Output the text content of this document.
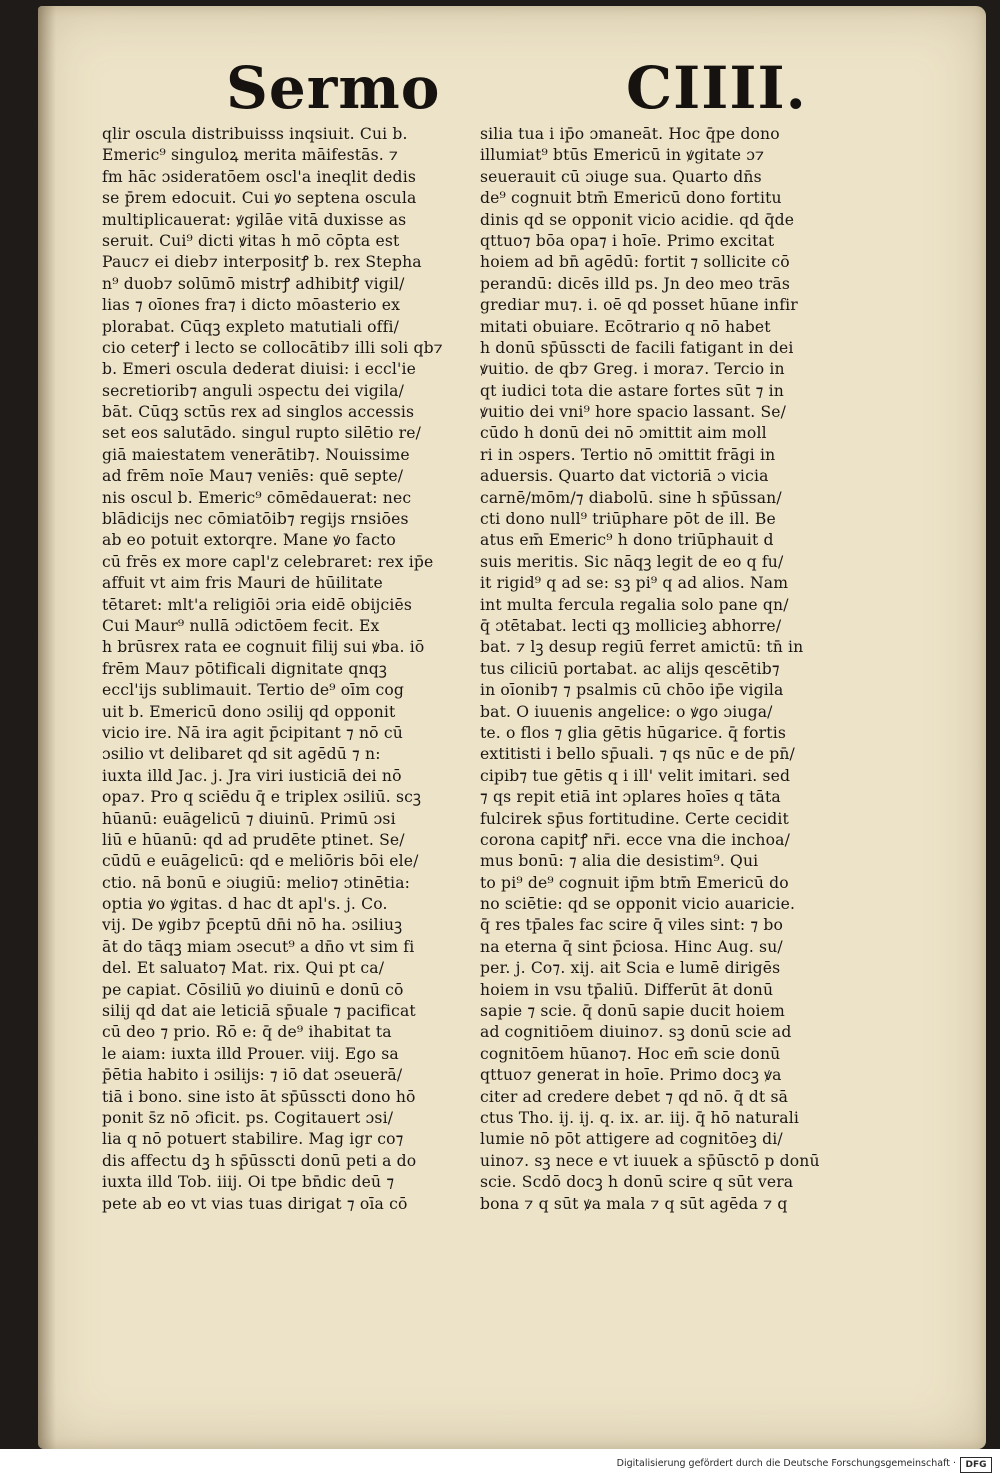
Sermo	CIIII.
qlir oscula distribuisss inqsiuit. Cui b.
Emeric⁹ singuloꝝ merita māifestās. ⁊
fm hāc ɔsideratōem oscl'a ineqlit dedis
se p̄rem edocuit. Cui ꝟo septena oscula
multiplicauerat: ꝟgilāe vitā duxisse as
seruit. Cui⁹ dicti ꝟitas h mō cōpta est
Pauc⁊ ei dieb⁊ interpositꝭ b. rex Stepha
n⁹ duob⁊ solūmō mistrꝭ adhibitꝭ vigil/
lias ⁊ oīones fra⁊ i dicto mōasterio ex
plorabat. Cūqꝫ expleto matutiali offi/
cio ceterꝭ i lecto se collocātib⁊ illi soli qb⁊
b. Emeri oscula dederat diuisi: i eccl'ie
secretiorib⁊ anguli ɔspectu dei vigila/
bāt. Cūqꝫ sctūs rex ad singlos accessis
set eos salutādo. singul rupto silētio re/
giā maiestatem venerātib⁊. Nouissime
ad frēm noīe Mau⁊ veniēs: quē septe/
nis oscul b. Emeric⁹ cōmēdauerat: nec
blādicijs nec cōmiatōib⁊ regijs rnsiōes
ab eo potuit extorqre. Mane ꝟo facto
cū frēs ex more capl'z celebraret: rex ip̄e
affuit vt aim fris Mauri de hūilitate
tētaret: mlt'a religiōi ɔria eidē obijciēs
Cui Maur⁹ nullā ɔdictōem fecit. Ex
h brūsrex rata ee cognuit filij sui ꝟba. iō
frēm Mau⁊ pōtificali dignitate qnqꝫ
eccl'ijs sublimauit. Tertio de⁹ oīm cog
uit b. Emericū dono ɔsilij qd opponit
vicio ire. Nā ira agit p̄cipitant ⁊ nō cū
ɔsilio vt delibaret qd sit agēdū ⁊ n:
iuxta illd Jac. j. Jra viri iusticiā dei nō
opa⁊. Pro q sciēdu q̄ e triplex ɔsiliū. scꝫ
hūanū: euāgelicū ⁊ diuinū. Primū ɔsi
liū e hūanū: qd ad prudēte ptinet. Se/
cūdū e euāgelicū: qd e meliōris bōi ele/
ctio. nā bonū e ɔiugiū: melio⁊ ɔtinētia:
optia ꝟo ꝟgitas. d hac dt apl's. j. Co.
vij. De ꝟgib⁊ p̄ceptū dn̄i nō ha. ɔsiliuꝫ
āt do tāqꝫ miam ɔsecut⁹ a dn̄o vt sim fi
del. Et saluato⁊ Mat. rix. Qui pt ca/
pe capiat. Cōsiliū ꝟo diuinū e donū cō
silij qd dat aie leticiā sp̄uale ⁊ pacificat
cū deo ⁊ prio. Rō e: q̄ de⁹ ihabitat ta
le aiam: iuxta illd Prouer. viij. Ego sa
p̄ētia habito i ɔsilijs: ⁊ iō dat ɔseuerā/
tiā i bono. sine isto āt sp̄ūsscti dono hō
ponit s̄z nō ɔficit. ps. Cogitauert ɔsi/
lia q nō potuert stabilire. Mag igr co⁊
dis affectu dꝫ h sp̄ūsscti donū peti a do
iuxta illd Tob. iiij. Oi tpe bn̄dic deū ⁊
pete ab eo vt vias tuas dirigat ⁊ oīa cō
silia tua i ip̄o ɔmaneāt. Hoc q̄pe dono
illumiat⁹ btūs Emericū in ꝟgitate ɔ⁊
seuerauit cū ɔiuge sua. Quarto dn̄s
de⁹ cognuit btm̄ Emericū dono fortitu
dinis qd se opponit vicio acidie. qd q̄de
qttuo⁊ bōa opa⁊ i hoīe. Primo excitat
hoiem ad bn̄ agēdū: fortit ⁊ sollicite cō
perandū: dicēs illd ps. Jn deo meo trās
grediar mu⁊. i. oē qd posset hūane infir
mitati obuiare. Ecōtrario q nō habet
h donū sp̄ūsscti de facili fatigant in dei
ꝟuitio. de qb⁊ Greg. i mora⁊. Tercio in
qt iudici tota die astare fortes sūt ⁊ in
ꝟuitio dei vni⁹ hore spacio lassant. Se/
cūdo h donū dei nō ɔmittit aim moll
ri in ɔspers. Tertio nō ɔmittit frāgi in
aduersis. Quarto dat victoriā ɔ vicia
carnē/mōm/⁊ diabolū. sine h sp̄ūssan/
cti dono null⁹ triūphare pōt de ill. Be
atus em̄ Emeric⁹ h dono triūphauit d
suis meritis. Sic nāqꝫ legit de eo q fu/
it rigid⁹ q ad se: sꝫ pi⁹ q ad alios. Nam
int multa fercula regalia solo pane qn/
q̄ ɔtētabat. lecti qꝫ mollicieꝫ abhorre/
bat. ⁊ lꝫ desup regiū ferret amictū: tn̄ in
tus ciliciū portabat. ac alijs qescētib⁊
in oīonib⁊ ⁊ psalmis cū chōo ip̄e vigila
bat. O iuuenis angelice: o ꝟgo ɔiuga/
te. o flos ⁊ glia gētis hūgarice. q̄ fortis
extitisti i bello sp̄uali. ⁊ qs nūc e de pn̄/
cipib⁊ tue gētis q i ill' velit imitari. sed
⁊ qs repit etiā int ɔplares hoīes q tāta
fulcirek sp̄us fortitudine. Certe cecidit
corona capitꝭ nr̄i. ecce vna die inchoa/
mus bonū: ⁊ alia die desistim⁹. Qui
to pi⁹ de⁹ cognuit ip̄m btm̄ Emericū do
no sciētie: qd se opponit vicio auaricie.
q̄ res tp̄ales fac scire q̄ viles sint: ⁊ bo
na eterna q̄ sint p̄ciosa. Hinc Aug. su/
per. j. Co⁊. xij. ait Scia e lumē dirigēs
hoiem in vsu tp̄aliū. Differūt āt donū
sapie ⁊ scie. q̄ donū sapie ducit hoiem
ad cognitiōem diuino⁊. sꝫ donū scie ad
cognitōem hūano⁊. Hoc em̄ scie donū
qttuo⁊ generat in hoīe. Primo docꝫ ꝟa
citer ad credere debet ⁊ qd nō. q̄ dt sā
ctus Tho. ij. ij. q. ix. ar. iij. q̄ hō naturali
lumie nō pōt attigere ad cognitōeꝫ di/
uino⁊. sꝫ nece e vt iuuek a sp̄ūsctō p donū
scie. Scdō docꝫ h donū scire q sūt vera
bona ⁊ q sūt ꝟa mala ⁊ q sūt agēda ⁊ q
Digitalisierung gefördert durch die Deutsche Forschungsgemeinschaft ·	DFG
